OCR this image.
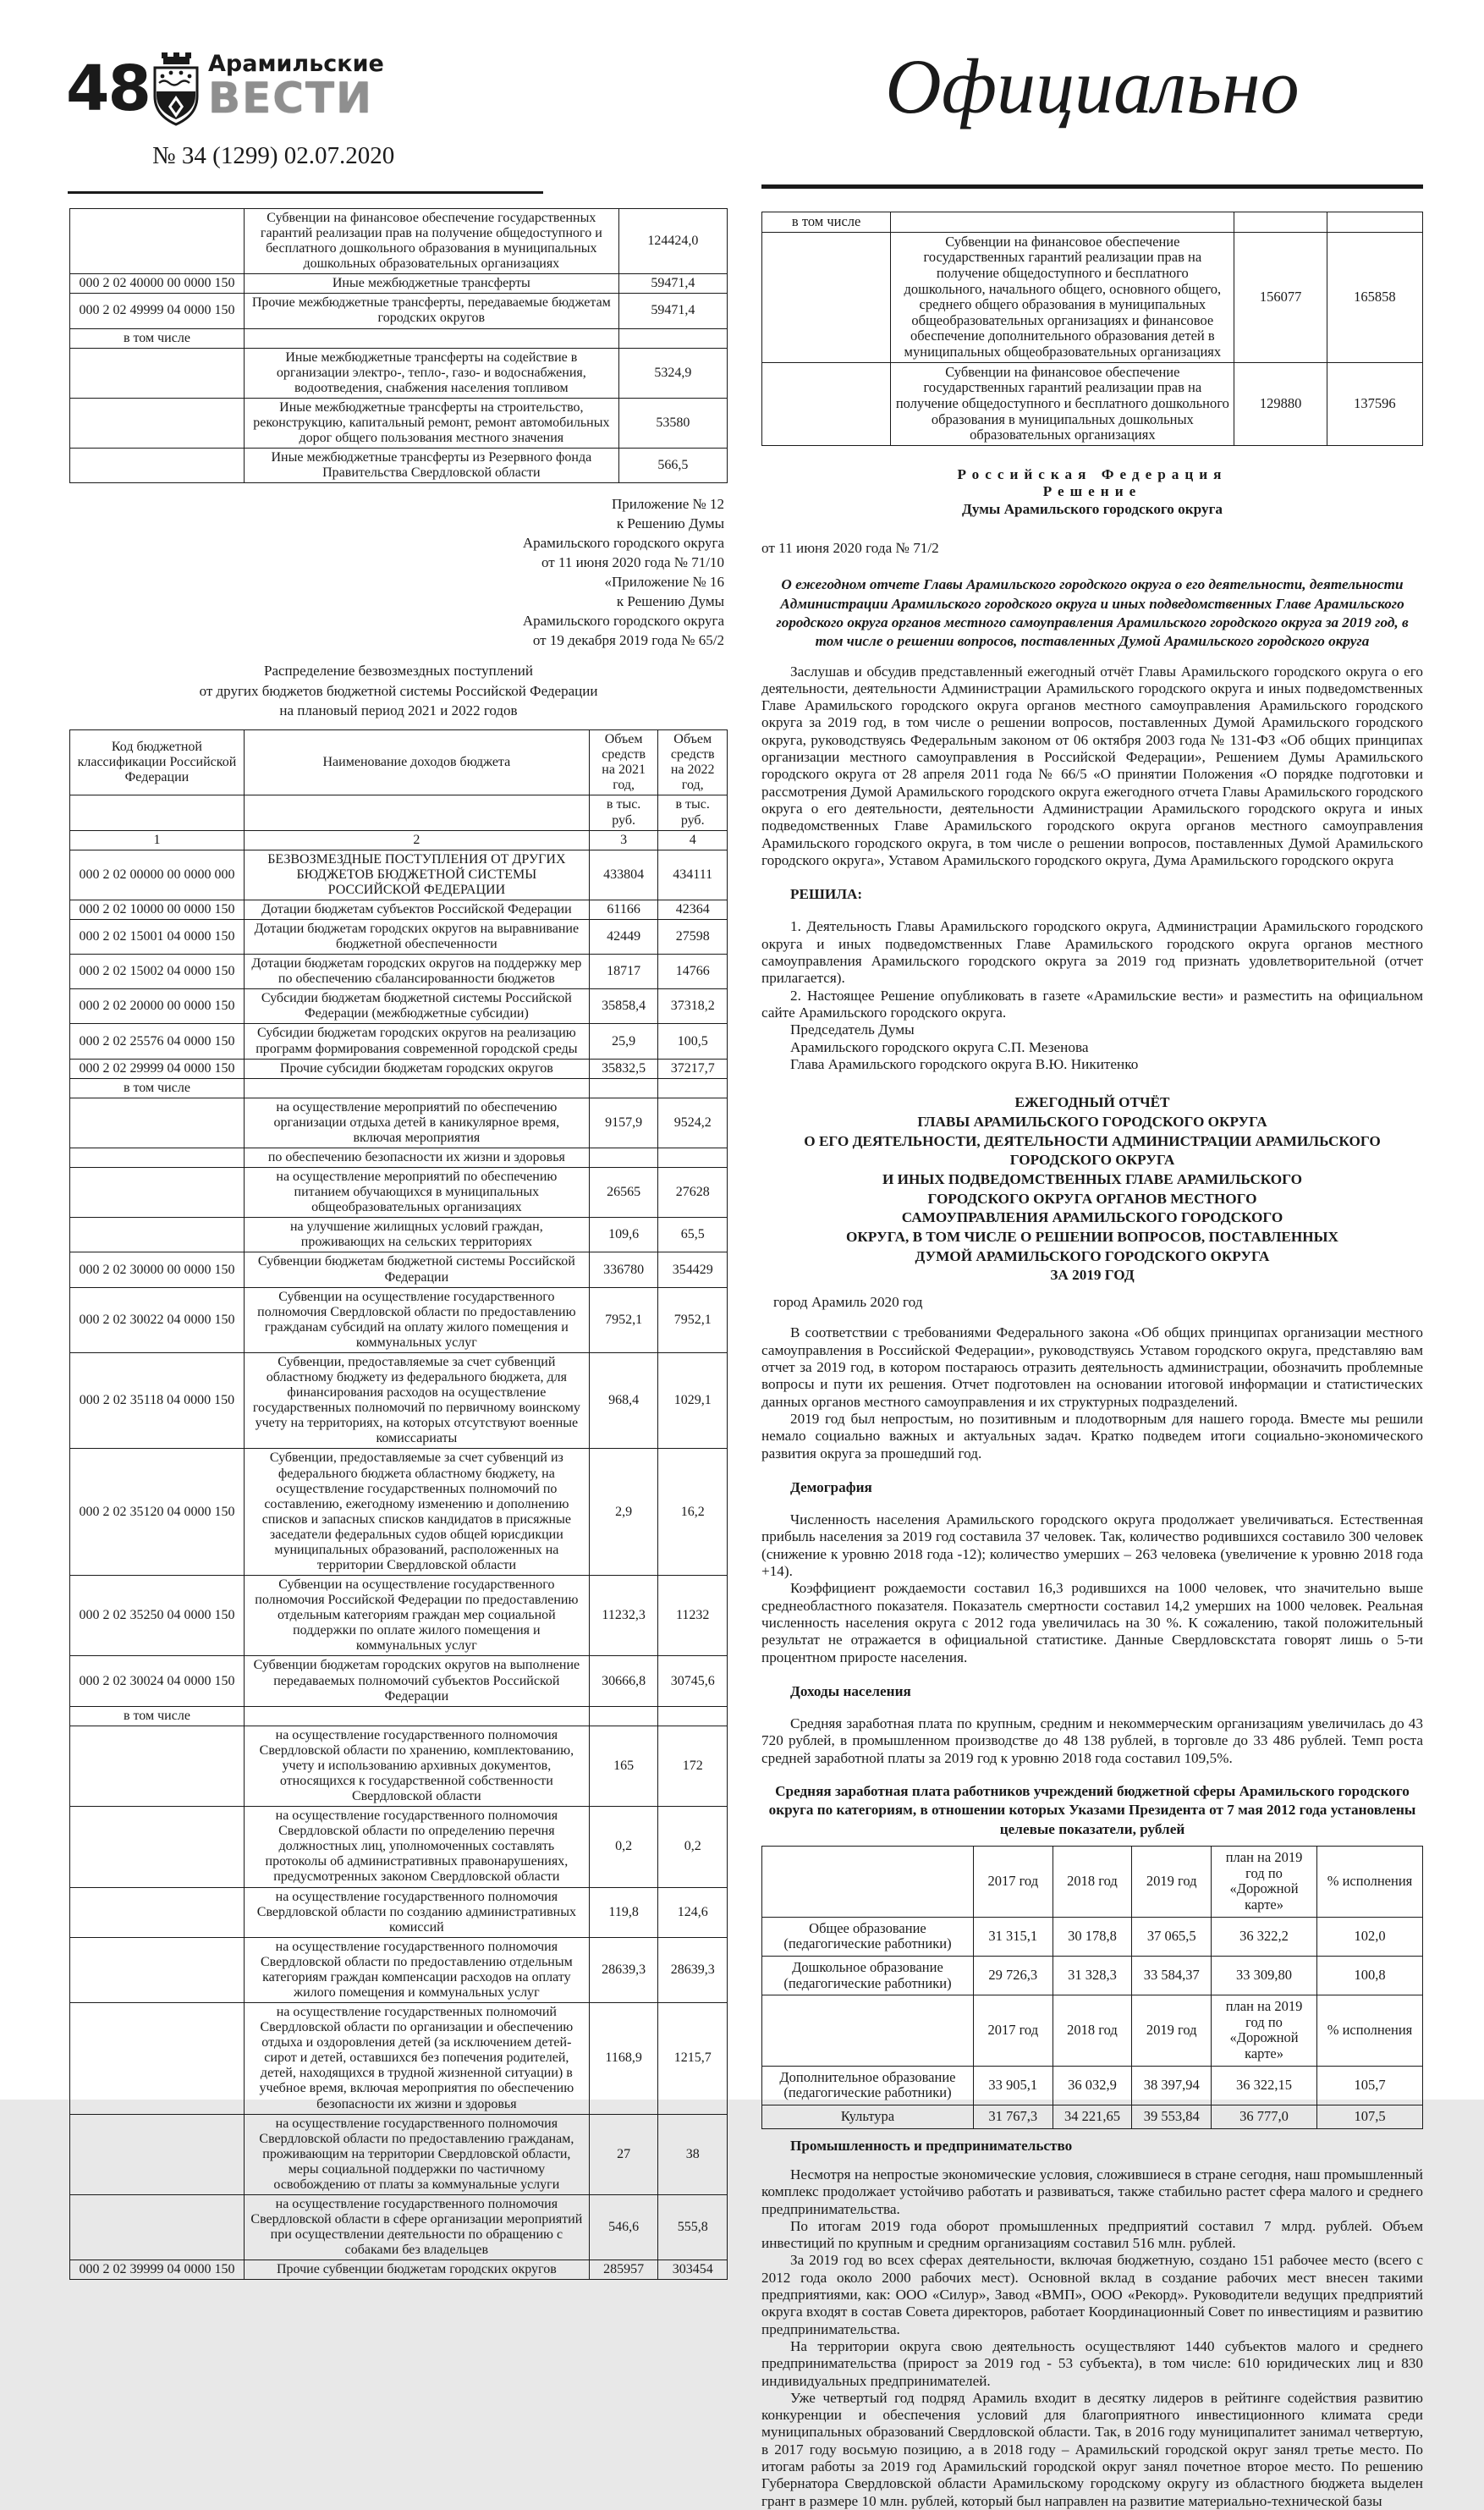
48	Арамильские
ВЕСТИ
№ 34 (1299) 02.07.2020
Официально
	Субвенции на финансовое обеспечение государственных гарантий реализации прав на получение общедоступного и бесплатного дошкольного образования в муниципальных дошкольных образовательных организациях	124424,0
000 2 02 40000 00 0000 150	Иные межбюджетные трансферты	59471,4
000 2 02 49999 04 0000 150	Прочие межбюджетные трансферты, передаваемые бюджетам городских округов	59471,4
в том числе		
	Иные межбюджетные трансферты на содействие в организации электро-, тепло-, газо- и водоснабжения, водоотведения, снабжения населения топливом	5324,9
	Иные межбюджетные трансферты на строительство, реконструкцию, капитальный ремонт, ремонт автомобильных дорог общего пользования местного значения	53580
	Иные межбюджетные трансферты из Резервного фонда Правительства Свердловской области	566,5
Приложение № 12
к Решению Думы
Арамильского городского округа
от 11 июня 2020 года № 71/10
«Приложение № 16
к Решению Думы
Арамильского городского округа
от 19 декабря 2019 года № 65/2
Распределение безвозмездных поступлений
от других бюджетов бюджетной системы Российской Федерации
на плановый период 2021 и 2022 годов
Код бюджетной классификации Российской Федерации	Наименование доходов бюджета	Объем средств на 2021 год,	Объем средств на 2022 год,
		в тыс. руб.	в тыс. руб.
1	2	3	4
000 2 02 00000 00 0000 000	БЕЗВОЗМЕЗДНЫЕ ПОСТУПЛЕНИЯ ОТ ДРУГИХ БЮДЖЕТОВ БЮДЖЕТНОЙ СИСТЕМЫ РОССИЙСКОЙ ФЕДЕРАЦИИ	433804	434111
000 2 02 10000 00 0000 150	Дотации бюджетам субъектов Российской Федерации	61166	42364
000 2 02 15001 04 0000 150	Дотации бюджетам городских округов на выравнивание бюджетной обеспеченности	42449	27598
000 2 02 15002 04 0000 150	Дотации бюджетам городских округов на поддержку мер по обеспечению сбалансированности бюджетов	18717	14766
000 2 02 20000 00 0000 150	Субсидии бюджетам бюджетной системы Российской Федерации (межбюджетные субсидии)	35858,4	37318,2
000 2 02 25576 04 0000 150	Субсидии бюджетам городских округов на реализацию программ формирования современной городской среды	25,9	100,5
000 2 02 29999 04 0000 150	Прочие субсидии бюджетам городских округов	35832,5	37217,7
в том числе			
	на осуществление мероприятий по обеспечению организации отдыха детей в каникулярное время, включая мероприятия	9157,9	9524,2
	по обеспечению безопасности их жизни и здоровья		
	на осуществление мероприятий по обеспечению питанием обучающихся в муниципальных общеобразовательных организациях	26565	27628
	на улучшение жилищных условий граждан, проживающих на сельских территориях	109,6	65,5
000 2 02 30000 00 0000 150	Субвенции бюджетам бюджетной системы Российской Федерации	336780	354429
000 2 02 30022 04 0000 150	Субвенции на осуществление государственного полномочия Свердловской области по предоставлению гражданам субсидий на оплату жилого помещения и коммунальных услуг	7952,1	7952,1
000 2 02 35118 04 0000 150	Субвенции, предоставляемые за счет субвенций областному бюджету из федерального бюджета, для финансирования расходов на осуществление государственных полномочий по первичному воинскому учету на территориях, на которых отсутствуют военные комиссариаты	968,4	1029,1
000 2 02 35120 04 0000 150	Субвенции, предоставляемые за счет субвенций из федерального бюджета областному бюджету, на осуществление государственных полномочий по составлению, ежегодному изменению и дополнению списков и запасных списков кандидатов в присяжные заседатели федеральных судов общей юрисдикции муниципальных образований, расположенных на территории Свердловской области	2,9	16,2
000 2 02 35250 04 0000 150	Субвенции на осуществление государственного полномочия Российской Федерации по предоставлению отдельным категориям граждан мер социальной поддержки по оплате жилого помещения и коммунальных услуг	11232,3	11232
000 2 02 30024 04 0000 150	Субвенции бюджетам городских округов на выполнение передаваемых полномочий субъектов Российской Федерации	30666,8	30745,6
в том числе			
	на осуществление государственного полномочия Свердловской области по хранению, комплектованию, учету и использованию архивных документов, относящихся к государственной собственности Свердловской области	165	172
	на осуществление государственного полномочия Свердловской области по определению перечня должностных лиц, уполномоченных составлять протоколы об административных правонарушениях, предусмотренных законом Свердловской области	0,2	0,2
	на осуществление государственного полномочия Свердловской области по созданию административных комиссий	119,8	124,6
	на осуществление государственного полномочия Свердловской области по предоставлению отдельным категориям граждан компенсации расходов на оплату жилого помещения и коммунальных услуг	28639,3	28639,3
	на осуществление государственных полномочий Свердловской области по организации и обеспечению отдыха и оздоровления детей (за исключением детей-сирот и детей, оставшихся без попечения родителей, детей, находящихся в трудной жизненной ситуации) в учебное время, включая мероприятия по обеспечению безопасности их жизни и здоровья	1168,9	1215,7
	на осуществление государственного полномочия Свердловской области по предоставлению гражданам, проживающим на территории Свердловской области, меры социальной поддержки по частичному освобождению от платы за коммунальные услуги	27	38
	на осуществление государственного полномочия Свердловской области в сфере организации мероприятий при осуществлении деятельности по обращению с собаками без владельцев	546,6	555,8
000 2 02 39999 04 0000 150	Прочие субвенции бюджетам городских округов	285957	303454
в том числе			
	Субвенции на финансовое обеспечение государственных гарантий реализации прав на получение общедоступного и бесплатного дошкольного, начального общего, основного общего, среднего общего образования в муниципальных общеобразовательных организациях и финансовое обеспечение дополнительного образования детей в муниципальных общеобразовательных организациях	156077	165858
	Субвенции на финансовое обеспечение государственных гарантий реализации прав на получение общедоступного и бесплатного дошкольного образования в муниципальных дошкольных образовательных организациях	129880	137596
Российская Федерация
Решение
Думы Арамильского городского округа
от 11 июня 2020 года № 71/2
О ежегодном отчете Главы Арамильского городского округа о его деятельности, деятельности Администрации Арамильского городского округа и иных подведомственных Главе Арамильского городского округа органов местного самоуправления Арамильского городского округа за 2019 год, в том числе о решении вопросов, поставленных Думой Арамильского городского округа

Заслушав и обсудив представленный ежегодный отчёт Главы Арамильского городского округа о его деятельности, деятельности Администрации Арамильского городского округа и иных подведомственных Главе Арамильского городского округа органов местного самоуправления Арамильского городского округа за 2019 год, в том числе о решении вопросов, поставленных Думой Арамильского городского округа, руководствуясь Федеральным законом от 06 октября 2003 года № 131-ФЗ «Об общих принципах организации местного самоуправления в Российской Федерации», Решением Думы Арамильского городского округа от 28 апреля 2011 года № 66/5 «О принятии Положения «О порядке подготовки и рассмотрения Думой Арамильского городского округа ежегодного отчета Главы Арамильского городского округа о его деятельности, деятельности Администрации Арамильского городского округа и иных подведомственных Главе Арамильского городского округа органов местного самоуправления Арамильского городского округа, в том числе о решении вопросов, поставленных Думой Арамильского городского округа», Уставом Арамильского городского округа, Дума Арамильского городского округа

РЕШИЛА:

1. Деятельность Главы Арамильского городского округа, Администрации Арамильского городского округа и иных подведомственных Главе Арамильского городского округа органов местного самоуправления Арамильского городского округа за 2019 год признать удовлетворительной (отчет прилагается).

2. Настоящее Решение опубликовать в газете «Арамильские вести» и разместить на официальном сайте Арамильского городского округа.

Председатель Думы

Арамильского городского округа С.П. Мезенова

Глава Арамильского городского округа В.Ю. Никитенко

ЕЖЕГОДНЫЙ ОТЧЁТ
ГЛАВЫ АРАМИЛЬСКОГО ГОРОДСКОГО ОКРУГА
О ЕГО ДЕЯТЕЛЬНОСТИ, ДЕЯТЕЛЬНОСТИ АДМИНИСТРАЦИИ АРАМИЛЬСКОГО ГОРОДСКОГО ОКРУГА
И ИНЫХ ПОДВЕДОМСТВЕННЫХ ГЛАВЕ АРАМИЛЬСКОГО
ГОРОДСКОГО ОКРУГА ОРГАНОВ МЕСТНОГО
САМОУПРАВЛЕНИЯ АРАМИЛЬСКОГО ГОРОДСКОГО
ОКРУГА, В ТОМ ЧИСЛЕ О РЕШЕНИИ ВОПРОСОВ, ПОСТАВЛЕННЫХ
ДУМОЙ АРАМИЛЬСКОГО ГОРОДСКОГО ОКРУГА
ЗА 2019 ГОД
город Арамиль 2020 год

В соответствии с требованиями Федерального закона «Об общих принципах организации местного самоуправления в Российской Федерации», руководствуясь Уставом городского округа, представляю вам отчет за 2019 год, в котором постараюсь отразить деятельность администрации, обозначить проблемные вопросы и пути их решения. Отчет подготовлен на основании итоговой информации и статистических данных органов местного самоуправления и их структурных подразделений.

2019 год был непростым, но позитивным и плодотворным для нашего города. Вместе мы решили немало социально важных и актуальных задач. Кратко подведем итоги социально-экономического развития округа за прошедший год.

Демография

Численность населения Арамильского городского округа продолжает увеличиваться. Естественная прибыль населения за 2019 год составила 37 человек. Так, количество родившихся составило 300 человек (снижение к уровню 2018 года -12); количество умерших – 263 человека (увеличение к уровню 2018 года +14).

Коэффициент рождаемости составил 16,3 родившихся на 1000 человек, что значительно выше среднеобластного показателя. Показатель смертности составил 14,2 умерших на 1000 человек. Реальная численность населения округа с 2012 года увеличилась на 30 %. К сожалению, такой положительный результат не отражается в официальной статистике. Данные Свердловскстата говорят лишь о 5-ти процентном приросте населения.

Доходы населения

Средняя заработная плата по крупным, средним и некоммерческим организациям увеличилась до 43 720 рублей, в промышленном производстве до 48 138 рублей, в торговле до 33 486 рублей. Темп роста средней заработной платы за 2019 год к уровню 2018 года составил 109,5%.

Средняя заработная плата работников учреждений бюджетной сферы Арамильского городского округа по категориям, в отношении которых Указами Президента от 7 мая 2012 года установлены целевые показатели, рублей
	2017 год	2018 год	2019 год	план на 2019 год по «Дорожной карте»	% исполнения
Общее образование (педагогические работники)	31 315,1	30 178,8	37 065,5	36 322,2	102,0
Дошкольное образование (педагогические работники)	29 726,3	31 328,3	33 584,37	33 309,80	100,8
	2017 год	2018 год	2019 год	план на 2019 год по «Дорожной карте»	% исполнения
Дополнительное образование (педагогические работники)	33 905,1	36 032,9	38 397,94	36 322,15	105,7
Культура	31 767,3	34 221,65	39 553,84	36 777,0	107,5
Промышленность и предпринимательство

Несмотря на непростые экономические условия, сложившиеся в стране сегодня, наш промышленный комплекс продолжает устойчиво работать и развиваться, также стабильно растет сфера малого и среднего предпринимательства.

По итогам 2019 года оборот промышленных предприятий составил 7 млрд. рублей. Объем инвестиций по крупным и средним организациям составил 516 млн. рублей.

За 2019 год во всех сферах деятельности, включая бюджетную, создано 151 рабочее место (всего с 2012 года около 2000 рабочих мест). Основной вклад в создание рабочих мест внесен такими предприятиями, как: ООО «Силур», Завод «ВМП», ООО «Рекорд». Руководители ведущих предприятий округа входят в состав Совета директоров, работает Координационный Совет по инвестициям и развитию предпринимательства.

На территории округа свою деятельность осуществляют 1440 субъектов малого и среднего предпринимательства (прирост за 2019 год - 53 субъекта), в том числе: 610 юридических лиц и 830 индивидуальных предпринимателей.

Уже четвертый год подряд Арамиль входит в десятку лидеров в рейтинге содействия развитию конкуренции и обеспечения условий для благоприятного инвестиционного климата среди муниципальных образований Свердловской области. Так, в 2016 году муниципалитет занимал четвертую, в 2017 году восьмую позицию, а в 2018 году – Арамильский городской округ занял третье место. По итогам работы за 2019 год Арамильский городской округ занял почетное второе место. По решению Губернатора Свердловской области Арамильскому городскому округу из областного бюджета выделен грант в размере 10 млн. рублей, который был направлен на развитие материально-технической базы
